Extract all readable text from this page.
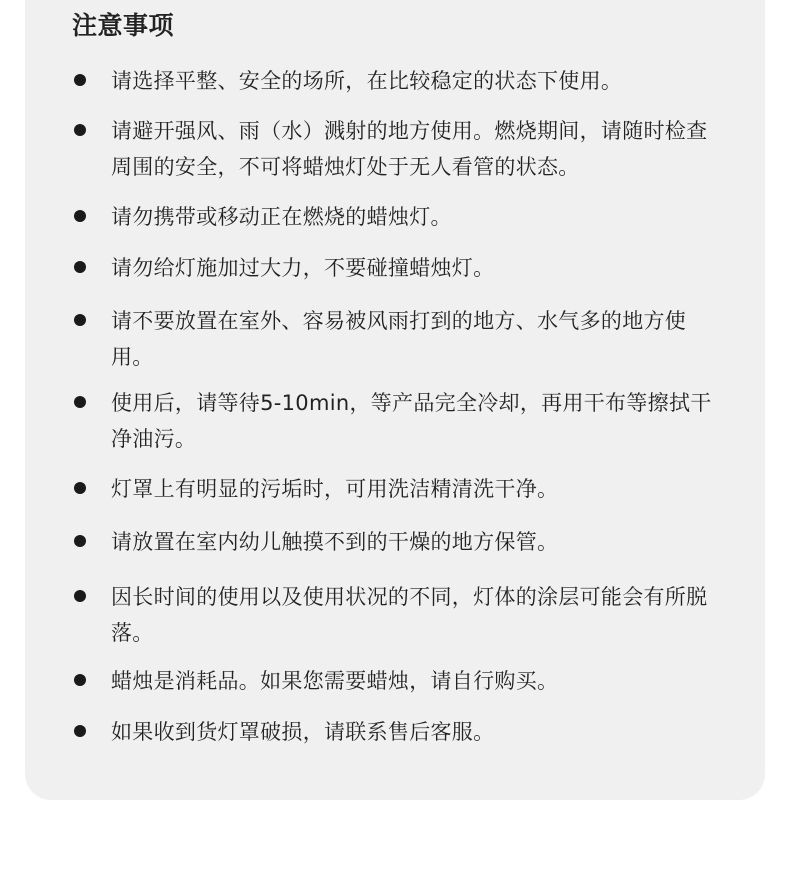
注意事项
请选择平整、安全的场所，在比较稳定的状态下使用。
请避开强风、雨（水）溅射的地方使用。燃烧期间，请随时检查周围的安全，不可将蜡烛灯处于无人看管的状态。
请勿携带或移动正在燃烧的蜡烛灯。
请勿给灯施加过大力，不要碰撞蜡烛灯。
请不要放置在室外、容易被风雨打到的地方、水气多的地方使用。
使用后，请等待5-10min，等产品完全冷却，再用干布等擦拭干净油污。
灯罩上有明显的污垢时，可用洗洁精清洗干净。
请放置在室内幼儿触摸不到的干燥的地方保管。
因长时间的使用以及使用状况的不同，灯体的涂层可能会有所脱落。
蜡烛是消耗品。如果您需要蜡烛，请自行购买。
如果收到货灯罩破损，请联系售后客服。
